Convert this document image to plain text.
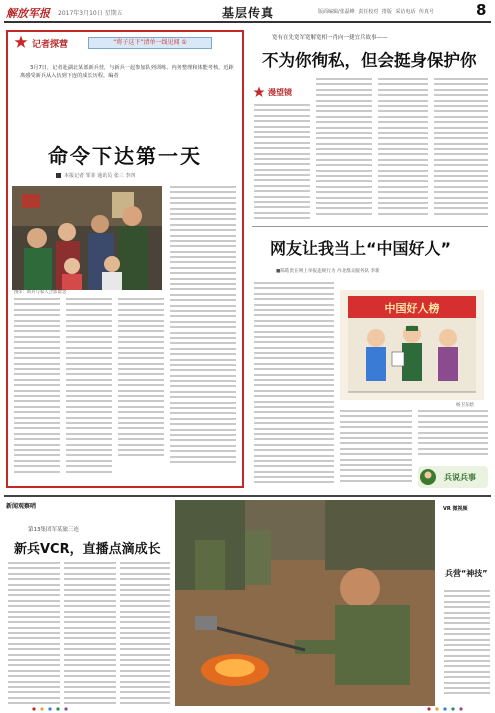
解放军报 2017年3月10日 星期五	基层传真	版面编辑/张磊峰 责任校对 排版 采访电话 传真号	8
记者探营	“将子这下”清单一线见闻 ①
3月7日，记者赴湖北某部新兵营，与新兵一起参加队列训练、内务整理和体能考核，近距离感受新兵从入伍到下连的成长历程。编者
命令下达第一天
本报记者 邹菲 通讯员 张三 李四
图①：新兵与家人合影留念
宽有在先宽军宽解宽相一肖向一捷宜兵故事——
不为你徇私，但会挺身保护你
漫望镜
网友让我当上“中国好人”
■陈皓贵在网上举报违规行为 丹北群众服务队 李新
中国好人榜
杨卫东绘
兵说兵事
新闻观察哨
第13集团军某旅三连
新兵VCR，直播点滴成长
VR 微视频
兵营“神技”
